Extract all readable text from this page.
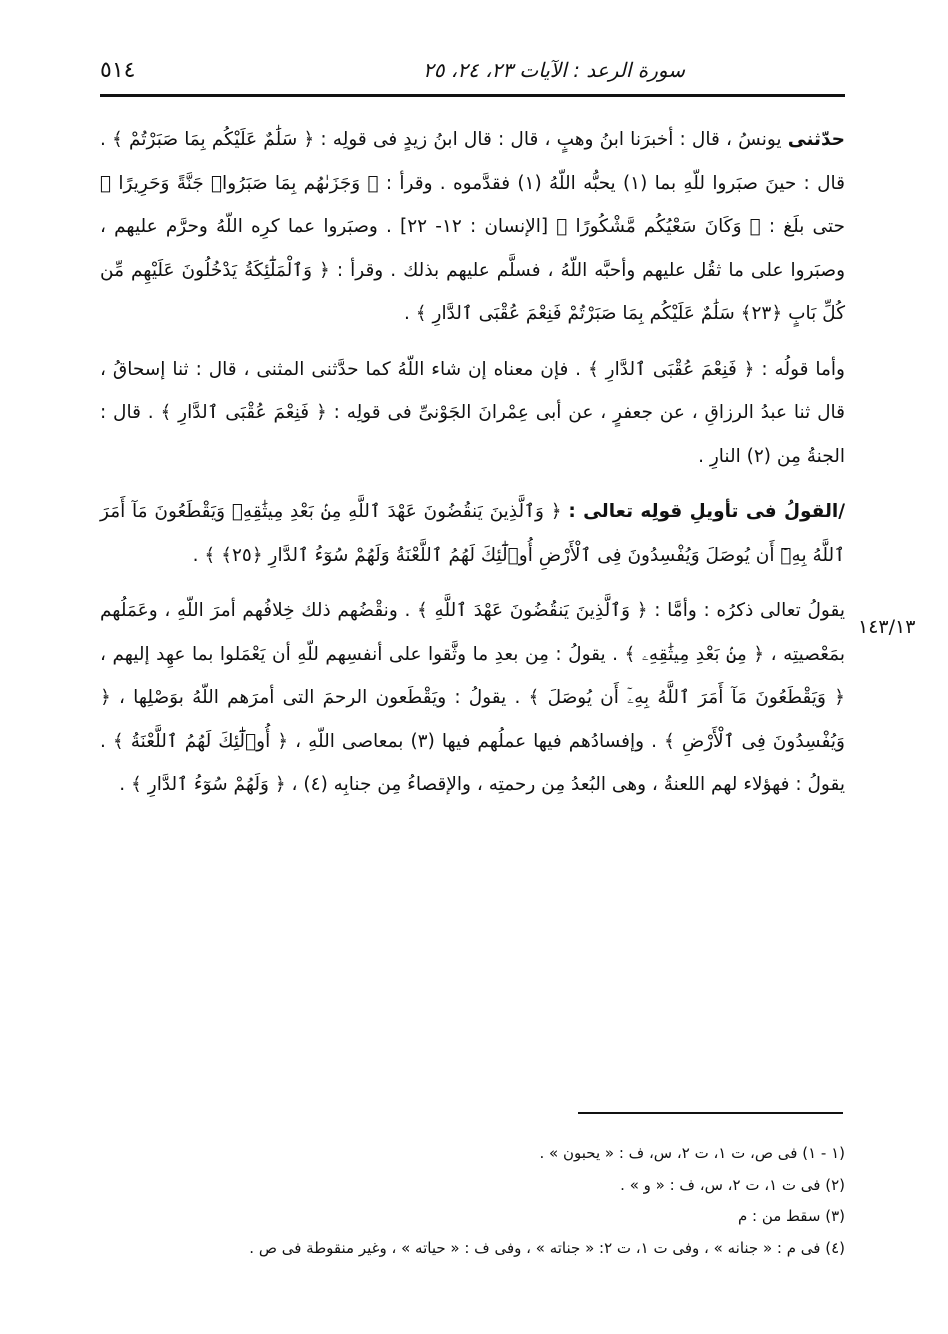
٥١٤	سورة الرعد : الآيات ٢٣، ٢٤، ٢٥
١٤٣/١٣

حدّثنى يونسُ ، قال : أخبرَنا ابنُ وهبٍ ، قال : قال ابنُ زيدٍ فى قولِه : ﴿ سَلَٰمٌ عَلَيْكُم بِمَا صَبَرْتُمْ ﴾ . قال : حينَ صبَروا للّهِ بما (١) يحبُّه اللّهُ (١) فقدَّموه . وقرأ : ﴿ وَجَزَىٰهُم بِمَا صَبَرُوا۟ جَنَّةً وَحَرِيرًا ﴾ حتى بلَغ : ﴿ وَكَانَ سَعْيُكُم مَّشْكُورًا ﴾ [الإنسان : ١٢- ٢٢] . وصبَروا عما كرِه اللّهُ وحرَّم عليهم ، وصبَروا على ما ثقُل عليهم وأحبَّه اللّهُ ، فسلَّم عليهم بذلك . وقرأ : ﴿ وَٱلْمَلَٰٓئِكَةُ يَدْخُلُونَ عَلَيْهِم مِّن كُلِّ بَابٍ ﴿٢٣﴾ سَلَٰمٌ عَلَيْكُم بِمَا صَبَرْتُمْ فَنِعْمَ عُقْبَى ٱلدَّارِ ﴾ .

وأما قولُه : ﴿ فَنِعْمَ عُقْبَى ٱلدَّارِ ﴾ . فإن معناه إن شاء اللّهُ كما حدَّثنى المثنى ، قال : ثنا إسحاقُ ، قال ثنا عبدُ الرزاقِ ، عن جعفرٍ ، عن أبى عِمْرانَ الجَوْنىِّ فى قولِه : ﴿ فَنِعْمَ عُقْبَى ٱلدَّارِ ﴾ . قال : الجنةُ مِن (٢) النارِ .

/القولُ فى تأويلِ قولِه تعالى : ﴿ وَٱلَّذِينَ يَنقُضُونَ عَهْدَ ٱللَّهِ مِنۢ بَعْدِ مِيثَٰقِهِۦ وَيَقْطَعُونَ مَآ أَمَرَ ٱللَّهُ بِهِۦٓ أَن يُوصَلَ وَيُفْسِدُونَ فِى ٱلْأَرْضِ أُو۟لَٰٓئِكَ لَهُمُ ٱللَّعْنَةُ وَلَهُمْ سُوٓءُ ٱلدَّارِ ﴿٢٥﴾ ﴾ .

يقولُ تعالى ذكرُه : وأمَّا : ﴿ وَٱلَّذِينَ يَنقُضُونَ عَهْدَ ٱللَّهِ ﴾ . ونقْضُهم ذلك خِلافُهم أمرَ اللّهِ ، وعَمَلُهم بمَعْصيتِه ، ﴿ مِنۢ بَعْدِ مِيثَٰقِهِۦ ﴾ . يقولُ : مِن بعدِ ما وثَّقوا على أنفسِهم للّهِ أن يَعْمَلوا بما عهِد إليهم ، ﴿ وَيَقْطَعُونَ مَآ أَمَرَ ٱللَّهُ بِهِۦٓ أَن يُوصَلَ ﴾ . يقولُ : ويَقْطَعون الرحمَ التى أمرَهم اللّهُ بوَصْلِها ، ﴿ وَيُفْسِدُونَ فِى ٱلْأَرْضِ ﴾ . وإفسادُهم فيها عملُهم فيها (٣) بمعاصى اللّهِ ، ﴿ أُو۟لَٰٓئِكَ لَهُمُ ٱللَّعْنَةُ ﴾ . يقولُ : فهؤلاء لهم اللعنةُ ، وهى البُعدُ مِن رحمتِه ، والإقصاءُ مِن جنابِه (٤) ، ﴿ وَلَهُمْ سُوٓءُ ٱلدَّارِ ﴾ .

(١ - ١) فى ص، ت ١، ت ٢، س، ف : « يحبون » .

(٢) فى ت ١، ت ٢، س، ف : « و » .

(٣) سقط من : م

(٤) فى م : « جنانه » ، وفى ت ١، ت ٢: « جناته » ، وفى ف : « حياته » ، وغير منقوطة فى ص .
